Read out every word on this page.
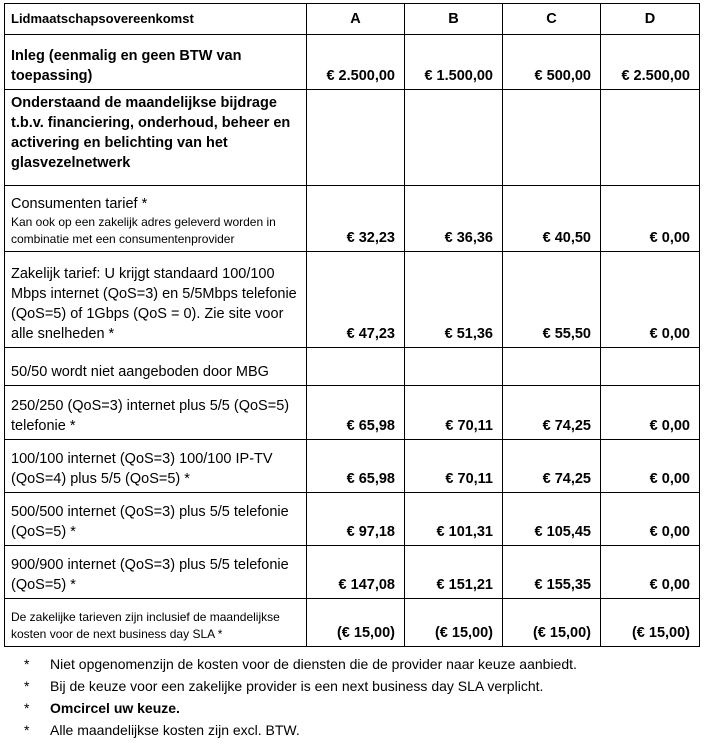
Lidmaatschapsovereenkomst	A	B	C	D
Inleg (eenmalig en geen BTW van toepassing)	€ 2.500,00	€ 1.500,00	€ 500,00	€ 2.500,00
Onderstaand de maandelijkse bijdrage t.b.v. financiering, onderhoud, beheer en activering en belichting van het glasvezelnetwerk				

Consumenten tarief *
Kan ook op een zakelijk adres geleverd worden in combinatie met een consumentenprovider	€ 32,23	€ 36,36	€ 40,50	€ 0,00
Zakelijk tarief: U krijgt standaard 100/100 Mbps internet (QoS=3) en 5/5Mbps telefonie (QoS=5) of 1Gbps (QoS = 0). Zie site voor alle snelheden *	€ 47,23	€ 51,36	€ 55,50	€ 0,00
50/50 wordt niet aangeboden door MBG				
250/250 (QoS=3) internet plus 5/5 (QoS=5) telefonie *	€ 65,98	€ 70,11	€ 74,25	€ 0,00
100/100 internet (QoS=3) 100/100 IP-TV (QoS=4) plus 5/5 (QoS=5) *	€ 65,98	€ 70,11	€ 74,25	€ 0,00
500/500 internet (QoS=3) plus 5/5 telefonie (QoS=5) *	€ 97,18	€ 101,31	€ 105,45	€ 0,00
900/900 internet (QoS=3) plus 5/5 telefonie (QoS=5) *	€ 147,08	€ 151,21	€ 155,35	€ 0,00

De zakelijke tarieven zijn inclusief de maandelijkse kosten voor de next business day SLA *	(€ 15,00)	(€ 15,00)	(€ 15,00)	(€ 15,00)
* Niet opgenomenzijn de kosten voor de diensten die de provider naar keuze aanbiedt.
* Bij de keuze voor een zakelijke provider is een next business day SLA verplicht.
* Omcircel uw keuze.
* Alle maandelijkse kosten zijn excl. BTW.
